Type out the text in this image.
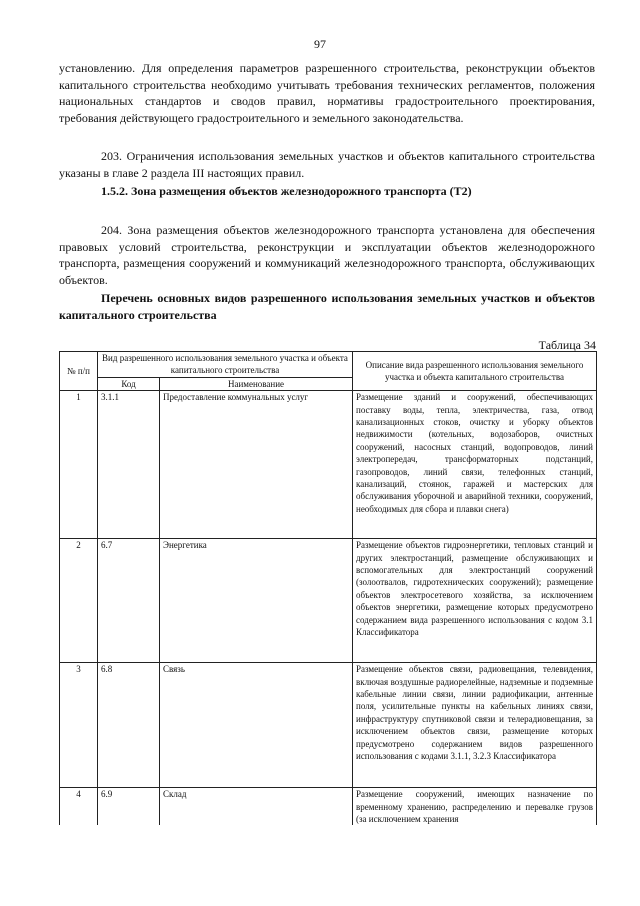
97

установлению. Для определения параметров разрешенного строительства, реконструкции объектов капитального строительства необходимо учитывать требования технических регламентов, положения национальных стандартов и сводов правил, нормативы градостроительного проектирования, требования действующего градостроительного и земельного законодательства.

203. Ограничения использования земельных участков и объектов капитального строительства указаны в главе 2 раздела III настоящих правил.

1.5.2. Зона размещения объектов железнодорожного транспорта (Т2)

204. Зона размещения объектов железнодорожного транспорта установлена для обеспечения правовых условий строительства, реконструкции и эксплуатации объектов железнодорожного транспорта, размещения сооружений и коммуникаций железнодорожного транспорта, обслуживающих объектов.

Перечень основных видов разрешенного использования земельных участков и объектов капитального строительства
Таблица 34
№ п/п	Вид разрешенного использования земельного участка и объекта капитального строительства		Описание вида разрешенного использования земельного участка и объекта капитального строительства
	Код	Наименование	
1	3.1.1	Предоставление коммунальных услуг	Размещение зданий и сооружений, обеспечивающих поставку воды, тепла, электричества, газа, отвод канализационных стоков, очистку и уборку объектов недвижимости (котельных, водозаборов, очистных сооружений, насосных станций, водопроводов, линий электропередач, трансформаторных подстанций, газопроводов, линий связи, телефонных станций, канализаций, стоянок, гаражей и мастерских для обслуживания уборочной и аварийной техники, сооружений, необходимых для сбора и плавки снега)
2	6.7	Энергетика	Размещение объектов гидроэнергетики, тепловых станций и других электростанций, размещение обслуживающих и вспомогательных для электростанций сооружений (золоотвалов, гидротехнических сооружений); размещение объектов электросетевого хозяйства, за исключением объектов энергетики, размещение которых предусмотрено содержанием вида разрешенного использования с кодом 3.1 Классификатора
3	6.8	Связь	Размещение объектов связи, радиовещания, телевидения, включая воздушные радиорелейные, надземные и подземные кабельные линии связи, линии радиофикации, антенные поля, усилительные пункты на кабельных линиях связи, инфраструктуру спутниковой связи и телерадиовещания, за исключением объектов связи, размещение которых предусмотрено содержанием видов разрешенного использования с кодами 3.1.1, 3.2.3 Классификатора
4	6.9	Склад	Размещение сооружений, имеющих назначение по временному хранению, распределению и перевалке грузов (за исключением хранения
